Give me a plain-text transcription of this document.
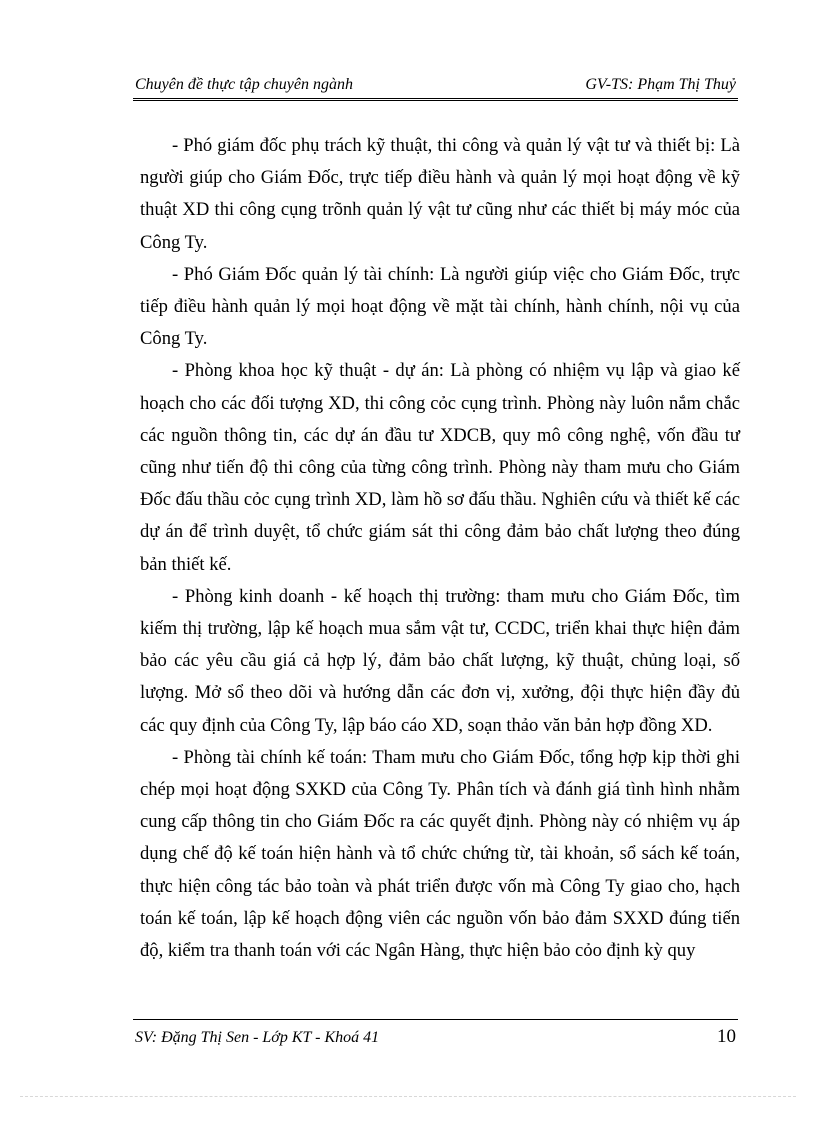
Chuyên đề thực tập chuyên ngành	GV-TS: Phạm Thị Thuỷ

- Phó giám đốc phụ trách kỹ thuật, thi công và quản lý vật tư và thiết bị: Là người giúp cho Giám Đốc, trực tiếp điều hành và quản lý mọi hoạt động về kỹ thuật XD thi công cụng trõnh quản lý vật tư cũng như các thiết bị máy móc của Công Ty.

- Phó Giám Đốc quản lý tài chính: Là người giúp việc cho Giám Đốc, trực tiếp điều hành quản lý mọi hoạt động về mặt tài chính, hành chính, nội vụ của Công Ty.

- Phòng khoa học kỹ thuật - dự án: Là phòng có nhiệm vụ lập và giao kế hoạch cho các đối tượng XD, thi công cỏc cụng trình. Phòng này luôn nắm chắc các nguồn thông tin, các dự án đầu tư XDCB, quy mô công nghệ, vốn đầu tư cũng như tiến độ thi công của từng công trình. Phòng này tham mưu cho Giám Đốc đấu thầu cỏc cụng trình XD, làm hồ sơ đấu thầu. Nghiên cứu và thiết kế các dự án để trình duyệt, tổ chức giám sát thi công đảm bảo chất lượng theo đúng bản thiết kế.

- Phòng kinh doanh - kế hoạch thị trường: tham mưu cho Giám Đốc, tìm kiếm thị trường, lập kế hoạch mua sắm vật tư, CCDC, triển khai thực hiện đảm bảo các yêu cầu giá cả hợp lý, đảm bảo chất lượng, kỹ thuật, chủng loại, số lượng. Mở sổ theo dõi và hướng dẫn các đơn vị, xưởng, đội thực hiện đầy đủ các quy định của Công Ty, lập báo cáo XD, soạn thảo văn bản hợp đồng XD.

- Phòng tài chính kế toán: Tham mưu cho Giám Đốc, tổng hợp kịp thời ghi chép mọi hoạt động SXKD của Công Ty. Phân tích và đánh giá tình hình nhằm cung cấp thông tin cho Giám Đốc ra các quyết định. Phòng này có nhiệm vụ áp dụng chế độ kế toán hiện hành và tổ chức chứng từ, tài khoản, sổ sách kế toán, thực hiện công tác bảo toàn và phát triển được vốn mà Công Ty giao cho, hạch toán kế toán, lập kế hoạch động viên các nguồn vốn bảo đảm SXXD đúng tiến độ, kiểm tra thanh toán với các Ngân Hàng, thực hiện bảo cỏo định kỳ quy

SV: Đặng Thị Sen - Lớp KT - Khoá 41	10
